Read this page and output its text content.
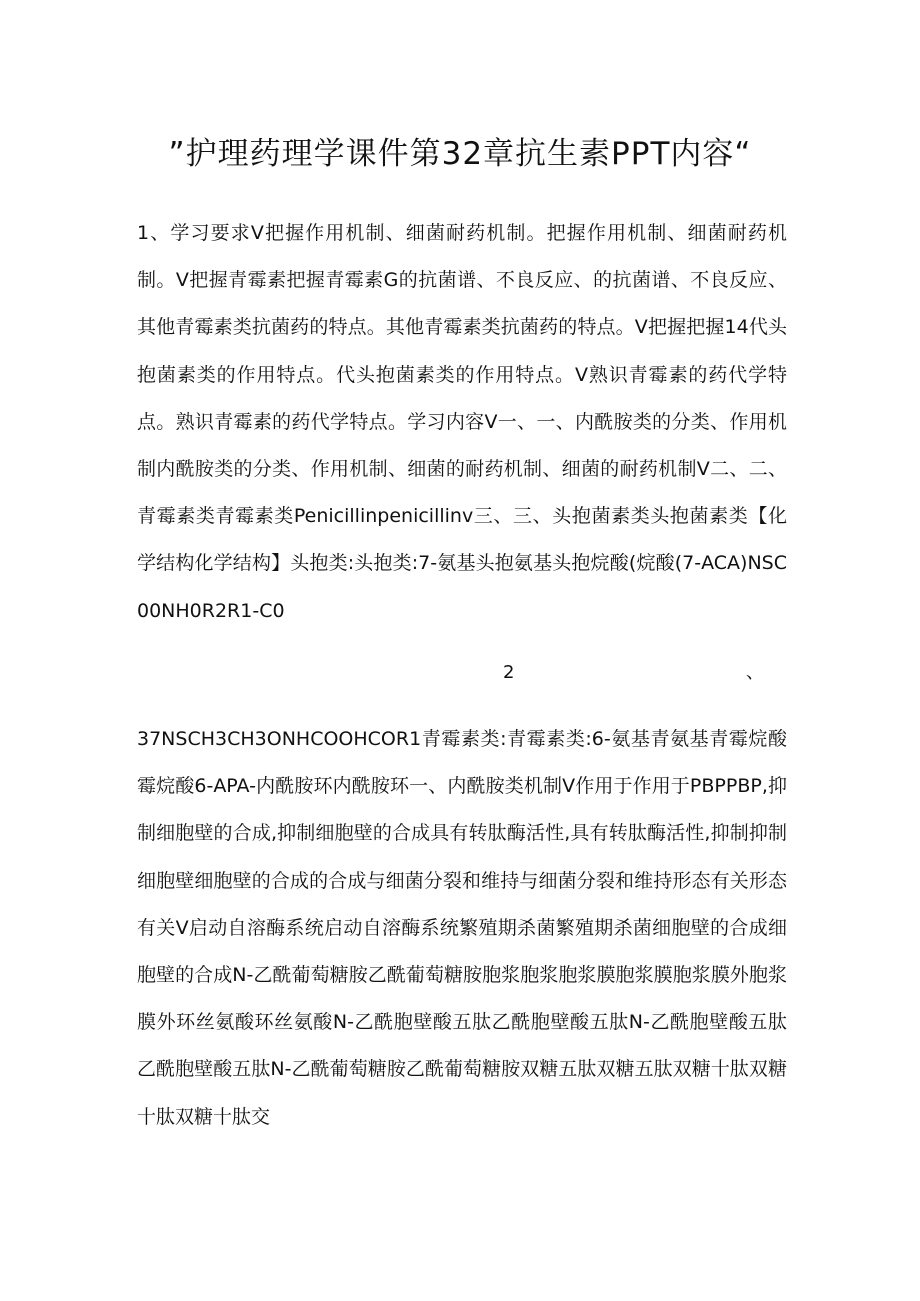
”护理药理学课件第32章抗生素PPT内容“

1、学习要求V把握作用机制、细菌耐药机制。把握作用机制、细菌耐药机制。V把握青霉素把握青霉素G的抗菌谱、不良反应、的抗菌谱、不良反应、其他青霉素类抗菌药的特点。其他青霉素类抗菌药的特点。V把握把握14代头抱菌素类的作用特点。代头抱菌素类的作用特点。V熟识青霉素的药代学特点。熟识青霉素的药代学特点。学习内容V一、一、内酰胺类的分类、作用机制内酰胺类的分类、作用机制、细菌的耐药机制、细菌的耐药机制V二、二、青霉素类青霉素类Penicillinpenicillinv三、三、头抱菌素类头抱菌素类【化学结构化学结构】头抱类:头抱类:7-氨基头抱氨基头抱烷酸(烷酸(7-ACA)NSC00NH0R2R1-C0

2	、

37NSCH3CH3ONHCOOHCOR1青霉素类:青霉素类:6-氨基青氨基青霉烷酸霉烷酸6-APA-内酰胺环内酰胺环一、内酰胺类机制V作用于作用于PBPPBP,抑制细胞壁的合成,抑制细胞壁的合成具有转肽酶活性,具有转肽酶活性,抑制抑制细胞壁细胞壁的合成的合成与细菌分裂和维持与细菌分裂和维持形态有关形态有关V启动自溶酶系统启动自溶酶系统繁殖期杀菌繁殖期杀菌细胞壁的合成细胞壁的合成N-乙酰葡萄糖胺乙酰葡萄糖胺胞浆胞浆胞浆膜胞浆膜胞浆膜外胞浆膜外环丝氨酸环丝氨酸N-乙酰胞壁酸五肽乙酰胞壁酸五肽N-乙酰胞壁酸五肽乙酰胞壁酸五肽N-乙酰葡萄糖胺乙酰葡萄糖胺双糖五肽双糖五肽双糖十肽双糖十肽双糖十肽交
